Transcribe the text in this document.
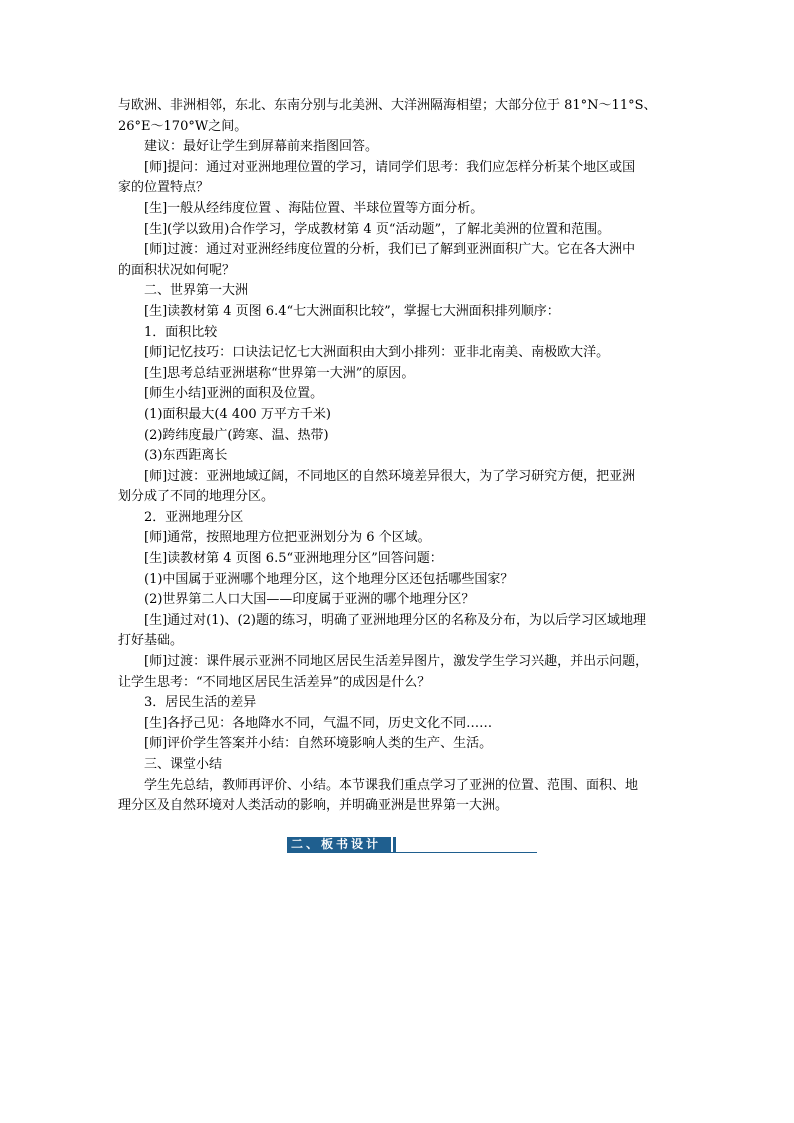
与欧洲、非洲相邻，东北、东南分别与北美洲、大洋洲隔海相望；大部分位于 81°N～11°S、

26°E～170°W之间。

建议：最好让学生到屏幕前来指图回答。

[师]提问：通过对亚洲地理位置的学习，请同学们思考：我们应怎样分析某个地区或国

家的位置特点？

[生]一般从经纬度位置 、海陆位置、半球位置等方面分析。

[生](学以致用)合作学习，学成教材第 4 页“活动题”，了解北美洲的位置和范围。

[师]过渡：通过对亚洲经纬度位置的分析，我们已了解到亚洲面积广大。它在各大洲中

的面积状况如何呢？

二、世界第一大洲

[生]读教材第 4 页图 6.4“七大洲面积比较”，掌握七大洲面积排列顺序：

1．面积比较

[师]记忆技巧：口诀法记忆七大洲面积由大到小排列：亚非北南美、南极欧大洋。

[生]思考总结亚洲堪称“世界第一大洲”的原因。

[师生小结]亚洲的面积及位置。

(1)面积最大(4 400 万平方千米)

(2)跨纬度最广(跨寒、温、热带)

(3)东西距离长

[师]过渡：亚洲地域辽阔，不同地区的自然环境差异很大，为了学习研究方便，把亚洲

划分成了不同的地理分区。

2．亚洲地理分区

[师]通常，按照地理方位把亚洲划分为 6 个区域。

[生]读教材第 4 页图 6.5“亚洲地理分区”回答问题：

(1)中国属于亚洲哪个地理分区，这个地理分区还包括哪些国家？

(2)世界第二人口大国——印度属于亚洲的哪个地理分区？

[生]通过对(1)、(2)题的练习，明确了亚洲地理分区的名称及分布，为以后学习区域地理

打好基础。

[师]过渡：课件展示亚洲不同地区居民生活差异图片，激发学生学习兴趣，并出示问题，

让学生思考：“不同地区居民生活差异”的成因是什么？

3．居民生活的差异

[生]各抒己见：各地降水不同，气温不同，历史文化不同……

[师]评价学生答案并小结：自然环境影响人类的生产、生活。

三、课堂小结

学生先总结，教师再评价、小结。本节课我们重点学习了亚洲的位置、范围、面积、地

理分区及自然环境对人类活动的影响，并明确亚洲是世界第一大洲。

二、板书设计
